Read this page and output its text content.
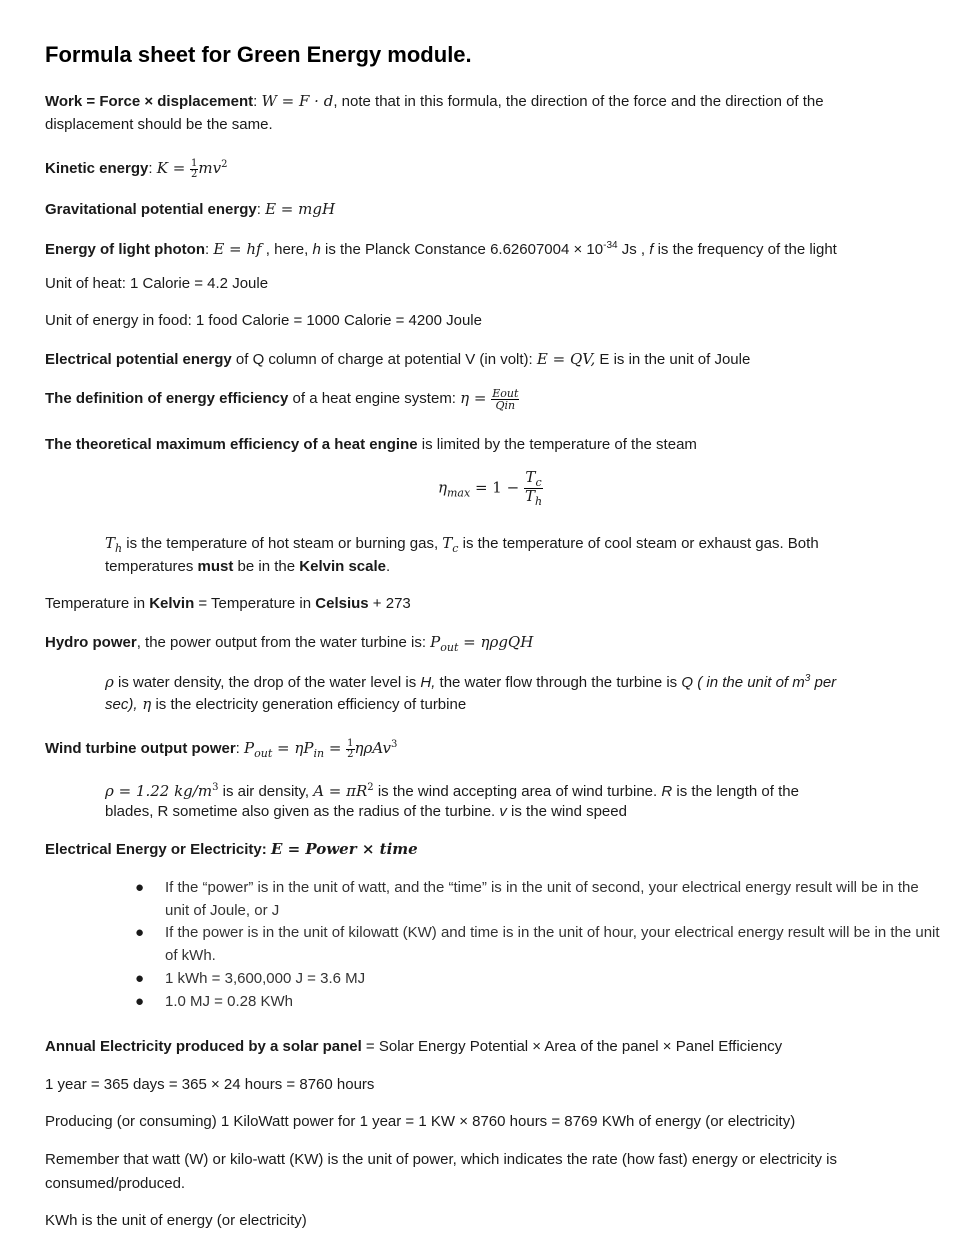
Formula sheet for Green Energy module.
Work = Force × displacement: W = F · d, note that in this formula, the direction of the force and the direction of the
displacement should be the same.
Kinetic energy: $K = \frac{1}{2} mv^2$
Gravitational potential energy: E = mgH
Energy of light photon: E = hf , here, h is the Planck Constance $6.62607004 \times 10^{-34}$ Js , f is the frequency of the light
Unit of heat: 1 Calorie = 4.2 Joule
Unit of energy in food: 1 food Calorie = 1000 Calorie = 4200 Joule
Electrical potential energy of Q column of charge at potential V (in volt): E = QV, E is in the unit of Joule
The definition of energy efficiency of a heat engine system: $\eta = \frac{\text{Eout}}{\text{Qin}}$
The theoretical maximum efficiency of a heat engine is limited by the temperature of the steam
$\eta_{max} = 1 - \frac{T_c}{T_h}$
$T_h$ is the temperature of hot steam or burning gas, $T_c$ is the temperature of cool steam or exhaust gas. Both
temperatures must be in the Kelvin scale.
Temperature in Kelvin = Temperature in Celsius + 273
Hydro power, the power output from the water turbine is: $P_{out} = \eta\rho gQH$
ρ is water density, the drop of the water level is H, the water flow through the turbine is Q ( in the unit of $m^3$ per
sec), η is the electricity generation efficiency of turbine
Wind turbine output power: $P_{out} = \eta P_{in} = \frac{1}{2} \eta\rho Av^3$
ρ = 1.22 $kg/m^3$ is air density, $A = \pi R^2$ is the wind accepting area of wind turbine. R is the length of the
blades, R sometime also given as the radius of the turbine. v is the wind speed
Electrical Energy or Electricity: E = Power × time
● If the “power” is in the unit of watt, and the “time” is in the unit of second, your electrical energy result will be in the unit of Joule, or J
● If the power is in the unit of kilowatt (KW) and time is in the unit of hour, your electrical energy result will be in the unit of kWh.
● 1 kWh = 3,600,000 J = 3.6 MJ
● 1.0 MJ = 0.28 KWh
Annual Electricity produced by a solar panel = Solar Energy Potential × Area of the panel × Panel Efficiency
1 year = 365 days = 365 × 24 hours = 8760 hours
Producing (or consuming) 1 KiloWatt power for 1 year = 1 KW × 8760 hours = 8769 KWh of energy (or electricity)
Remember that watt (W) or kilo-watt (KW) is the unit of power, which indicates the rate (how fast) energy or electricity is consumed/produced.
KWh is the unit of energy (or electricity)
